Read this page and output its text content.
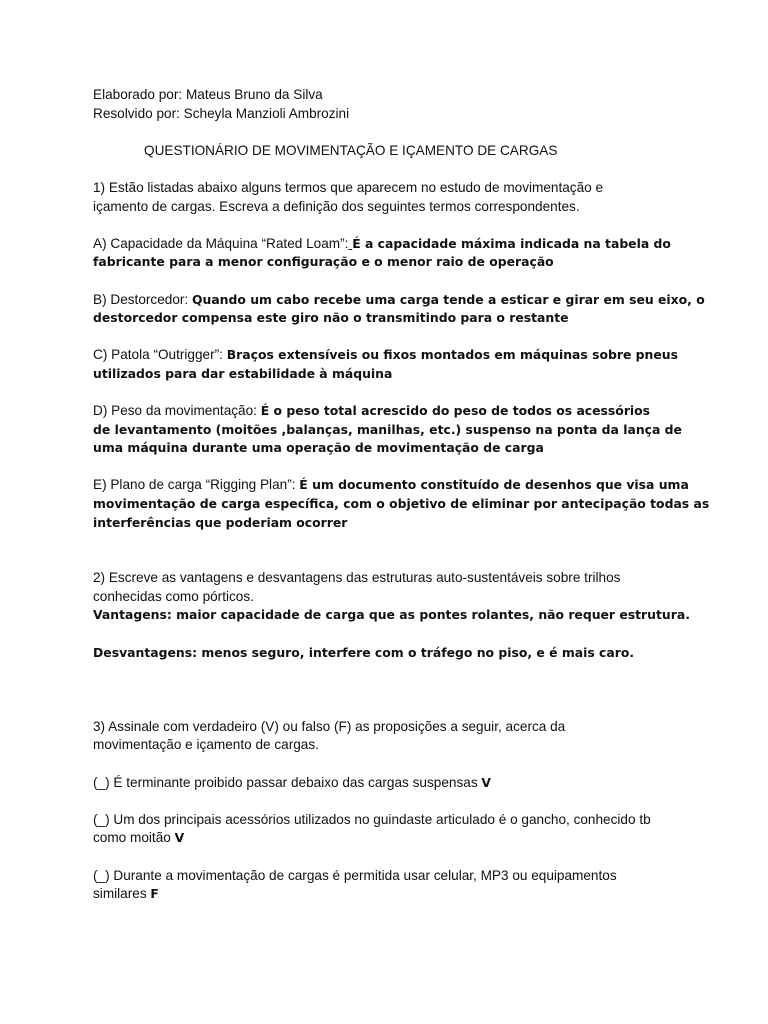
Elaborado por: Mateus Bruno da Silva
Resolvido por: Scheyla Manzioli Ambrozini
QUESTIONÁRIO DE MOVIMENTAÇÃO E IÇAMENTO DE CARGAS
1) Estão listadas abaixo alguns termos que aparecem no estudo de movimentação e
içamento de cargas. Escreva a definição dos seguintes termos correspondentes.
A) Capacidade da Máquina “Rated Loam”: É a capacidade máxima indicada na tabela do
fabricante para a menor configuração e o menor raio de operação
B) Destorcedor: Quando um cabo recebe uma carga tende a esticar e girar em seu eixo, o
destorcedor compensa este giro não o transmitindo para o restante
C) Patola “Outrigger”: Braços extensíveis ou fixos montados em máquinas sobre pneus
utilizados para dar estabilidade à máquina
D) Peso da movimentação: É o peso total acrescido do peso de todos os acessórios
de levantamento (moitões ,balanças, manilhas, etc.) suspenso na ponta da lança de
uma máquina durante uma operação de movimentação de carga
E) Plano de carga “Rigging Plan”: É um documento constituído de desenhos que visa uma
movimentação de carga específica, com o objetivo de eliminar por antecipação todas as
interferências que poderiam ocorrer
2) Escreve as vantagens e desvantagens das estruturas auto-sustentáveis sobre trilhos
conhecidas como pórticos.
Vantagens: maior capacidade de carga que as pontes rolantes, não requer estrutura.
Desvantagens: menos seguro, interfere com o tráfego no piso, e é mais caro.
3) Assinale com verdadeiro (V) ou falso (F) as proposições a seguir, acerca da
movimentação e içamento de cargas.
(_) É terminante proibido passar debaixo das cargas suspensas V
(_) Um dos principais acessórios utilizados no guindaste articulado é o gancho, conhecido tb
como moitão V
(_) Durante a movimentação de cargas é permitida usar celular, MP3 ou equipamentos
similares F
